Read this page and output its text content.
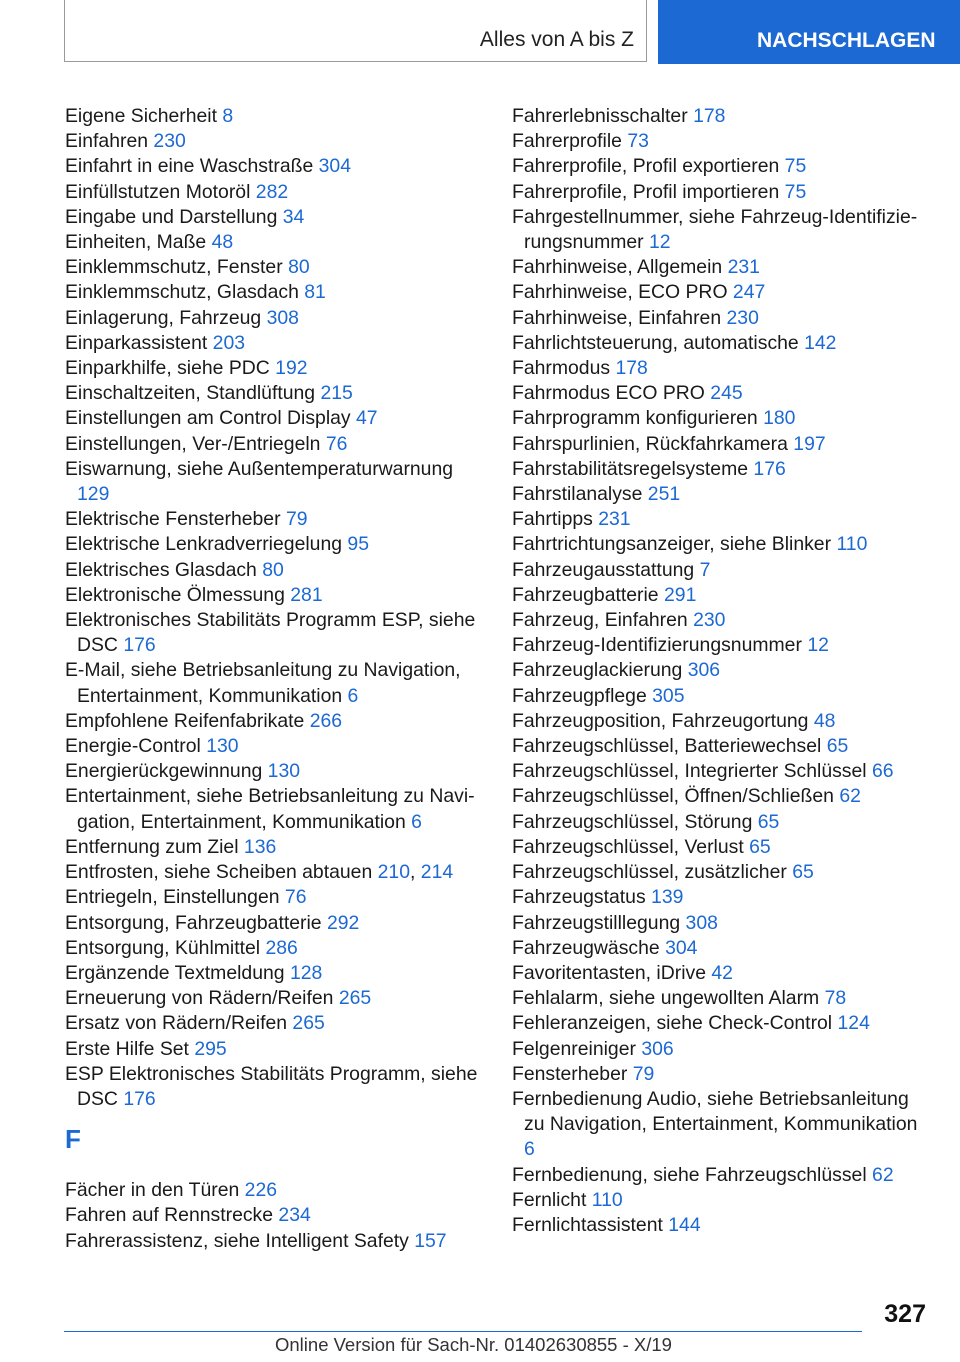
Alles von A bis Z	NACHSCHLAGEN
Eigene Sicherheit 8
Einfahren 230
Einfahrt in eine Waschstraße 304
Einfüllstutzen Motoröl 282
Eingabe und Darstellung 34
Einheiten, Maße 48
Einklemmschutz, Fenster 80
Einklemmschutz, Glasdach 81
Einlagerung, Fahrzeug 308
Einparkassistent 203
Einparkhilfe, siehe PDC 192
Einschaltzeiten, Standlüftung 215
Einstellungen am Control Display 47
Einstellungen, Ver-/Entriegeln 76
Eiswarnung, siehe Außentemperaturwarnung 129
Elektrische Fensterheber 79
Elektrische Lenkradverriegelung 95
Elektrisches Glasdach 80
Elektronische Ölmessung 281
Elektronisches Stabilitäts Programm ESP, siehe DSC 176
E-Mail, siehe Betriebsanleitung zu Navigation, Entertainment, Kommunikation 6
Empfohlene Reifenfabrikate 266
Energie-Control 130
Energierückgewinnung 130
Entertainment, siehe Betriebsanleitung zu Navigation, Entertainment, Kommunikation 6
Entfernung zum Ziel 136
Entfrosten, siehe Scheiben abtauen 210, 214
Entriegeln, Einstellungen 76
Entsorgung, Fahrzeugbatterie 292
Entsorgung, Kühlmittel 286
Ergänzende Textmeldung 128
Erneuerung von Rädern/Reifen 265
Ersatz von Rädern/Reifen 265
Erste Hilfe Set 295
ESP Elektronisches Stabilitäts Programm, siehe DSC 176
F
Fächer in den Türen 226
Fahren auf Rennstrecke 234
Fahrerassistenz, siehe Intelligent Safety 157
Fahrerlebnisschalter 178
Fahrerprofile 73
Fahrerprofile, Profil exportieren 75
Fahrerprofile, Profil importieren 75
Fahrgestellnummer, siehe Fahrzeug-Identifizierungsnummer 12
Fahrhinweise, Allgemein 231
Fahrhinweise, ECO PRO 247
Fahrhinweise, Einfahren 230
Fahrlichtsteuerung, automatische 142
Fahrmodus 178
Fahrmodus ECO PRO 245
Fahrprogramm konfigurieren 180
Fahrspurlinien, Rückfahrkamera 197
Fahrstabilitätsregelsysteme 176
Fahrstilanalyse 251
Fahrtipps 231
Fahrtrichtungsanzeiger, siehe Blinker 110
Fahrzeugausstattung 7
Fahrzeugbatterie 291
Fahrzeug, Einfahren 230
Fahrzeug-Identifizierungsnummer 12
Fahrzeuglackierung 306
Fahrzeugpflege 305
Fahrzeugposition, Fahrzeugortung 48
Fahrzeugschlüssel, Batteriewechsel 65
Fahrzeugschlüssel, Integrierter Schlüssel 66
Fahrzeugschlüssel, Öffnen/Schließen 62
Fahrzeugschlüssel, Störung 65
Fahrzeugschlüssel, Verlust 65
Fahrzeugschlüssel, zusätzlicher 65
Fahrzeugstatus 139
Fahrzeugstilllegung 308
Fahrzeugwäsche 304
Favoritentasten, iDrive 42
Fehlalarm, siehe ungewollten Alarm 78
Fehleranzeigen, siehe Check-Control 124
Felgenreiniger 306
Fensterheber 79
Fernbedienung Audio, siehe Betriebsanleitung zu Navigation, Entertainment, Kommunikation 6
Fernbedienung, siehe Fahrzeugschlüssel 62
Fernlicht 110
Fernlichtassistent 144
327
Online Version für Sach-Nr. 01402630855 - X/19
